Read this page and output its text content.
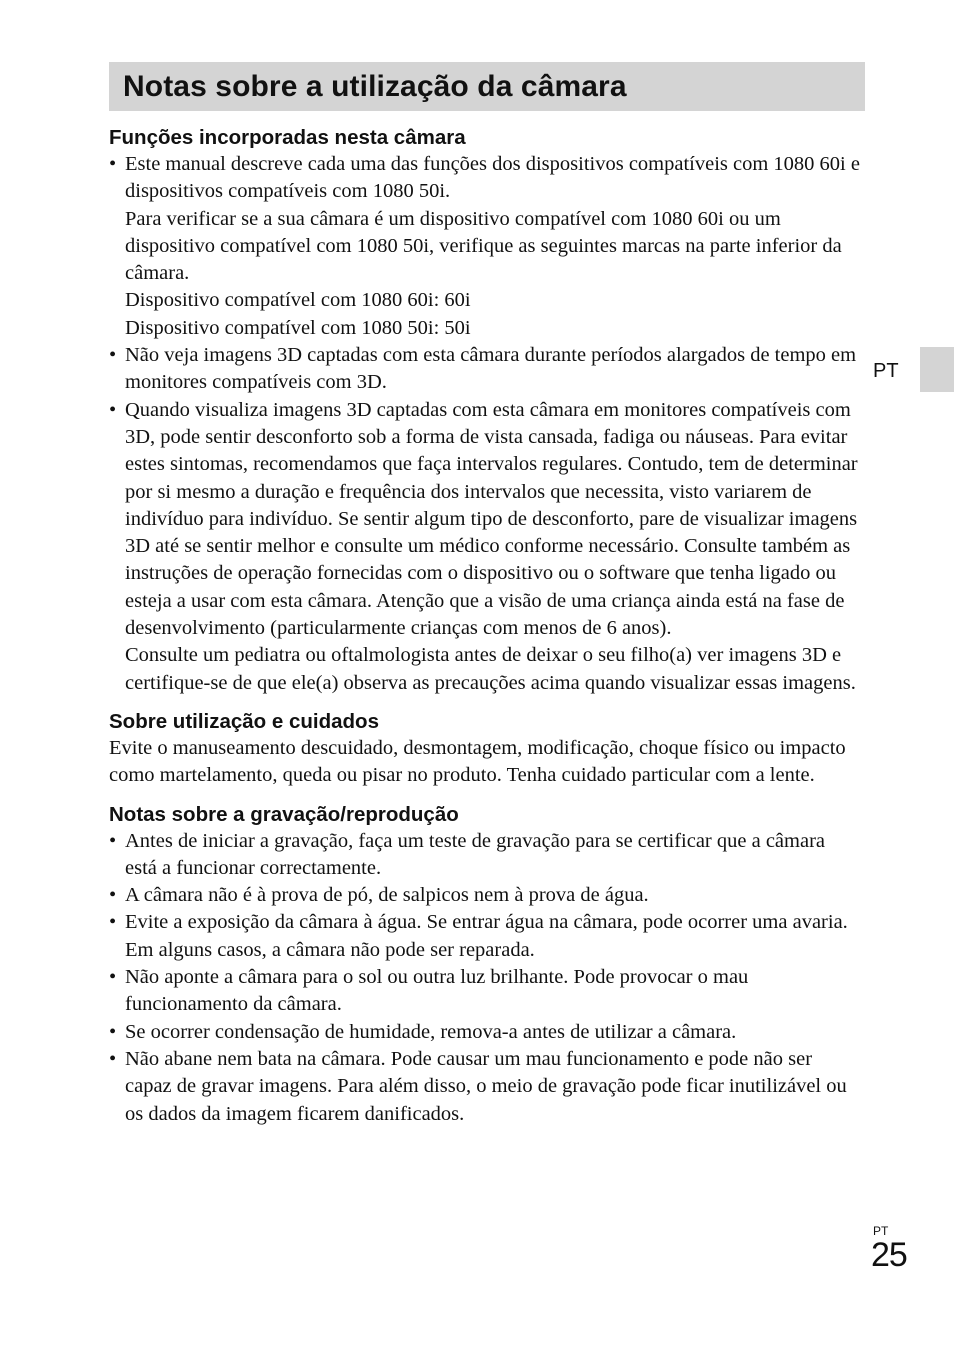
Notas sobre a utilização da câmara
PT
Funções incorporadas nesta câmara
• Este manual descreve cada uma das funções dos dispositivos compatíveis com 1080 60i e dispositivos compatíveis com 1080 50i.
Para verificar se a sua câmara é um dispositivo compatível com 1080 60i ou um dispositivo compatível com 1080 50i, verifique as seguintes marcas na parte inferior da câmara.
Dispositivo compatível com 1080 60i: 60i
Dispositivo compatível com 1080 50i: 50i
• Não veja imagens 3D captadas com esta câmara durante períodos alargados de tempo em monitores compatíveis com 3D.
• Quando visualiza imagens 3D captadas com esta câmara em monitores compatíveis com 3D, pode sentir desconforto sob a forma de vista cansada, fadiga ou náuseas. Para evitar estes sintomas, recomendamos que faça intervalos regulares. Contudo, tem de determinar por si mesmo a duração e frequência dos intervalos que necessita, visto variarem de indivíduo para indivíduo. Se sentir algum tipo de desconforto, pare de visualizar imagens 3D até se sentir melhor e consulte um médico conforme necessário. Consulte também as instruções de operação fornecidas com o dispositivo ou o software que tenha ligado ou esteja a usar com esta câmara. Atenção que a visão de uma criança ainda está na fase de desenvolvimento (particularmente crianças com menos de 6 anos).
Consulte um pediatra ou oftalmologista antes de deixar o seu filho(a) ver imagens 3D e certifique-se de que ele(a) observa as precauções acima quando visualizar essas imagens.
Sobre utilização e cuidados

Evite o manuseamento descuidado, desmontagem, modificação, choque físico ou impacto como martelamento, queda ou pisar no produto. Tenha cuidado particular com a lente.

Notas sobre a gravação/reprodução
• Antes de iniciar a gravação, faça um teste de gravação para se certificar que a câmara está a funcionar correctamente.
• A câmara não é à prova de pó, de salpicos nem à prova de água.
• Evite a exposição da câmara à água. Se entrar água na câmara, pode ocorrer uma avaria. Em alguns casos, a câmara não pode ser reparada.
• Não aponte a câmara para o sol ou outra luz brilhante. Pode provocar o mau funcionamento da câmara.
• Se ocorrer condensação de humidade, remova-a antes de utilizar a câmara.
• Não abane nem bata na câmara. Pode causar um mau funcionamento e pode não ser capaz de gravar imagens. Para além disso, o meio de gravação pode ficar inutilizável ou os dados da imagem ficarem danificados.
PT
25
